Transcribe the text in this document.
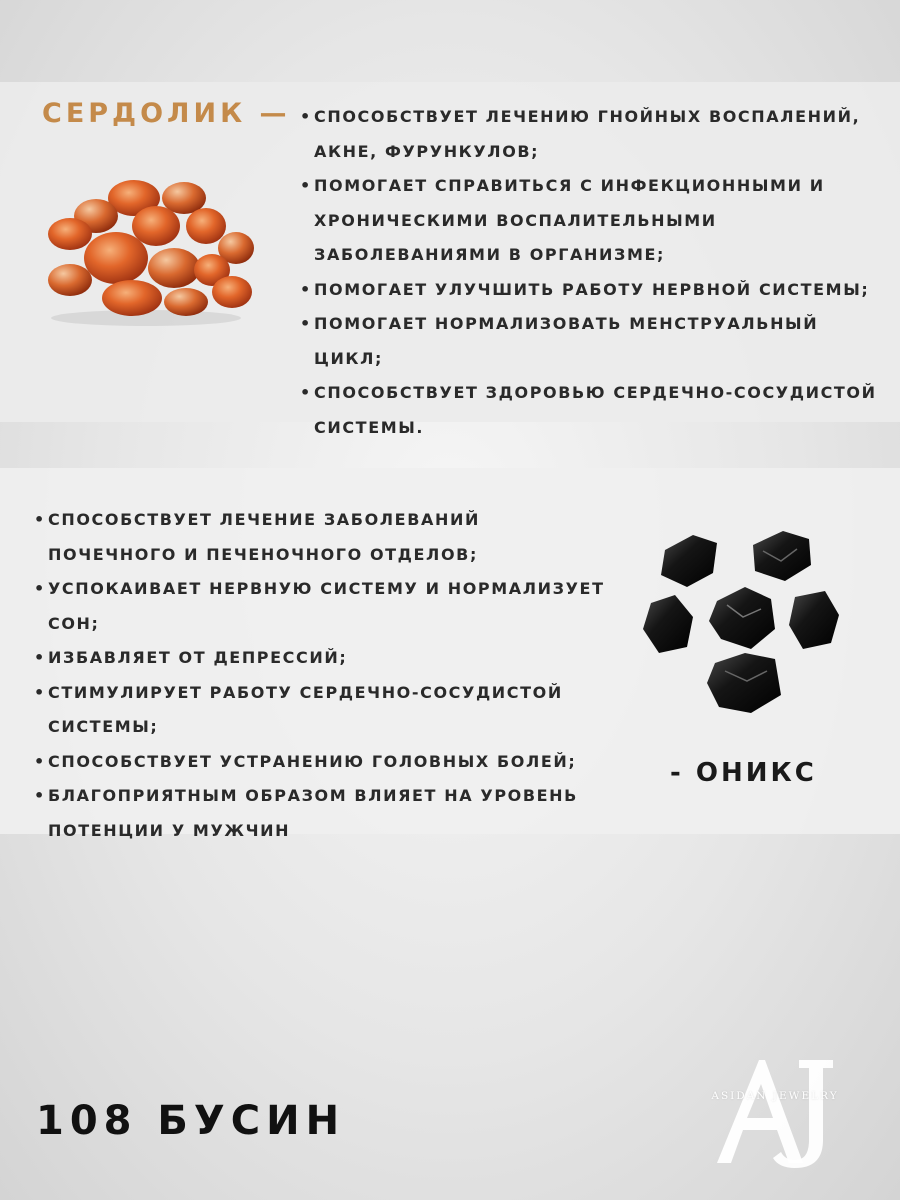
СЕРДОЛИК — • СПОСОБСТВУЕТ ЛЕЧЕНИЮ ГНОЙНЫХ ВОСПАЛЕНИЙ, АКНЕ, ФУРУНКУЛОВ;
• ПОМОГАЕТ СПРАВИТЬСЯ С ИНФЕКЦИОННЫМИ И ХРОНИЧЕСКИМИ ВОСПАЛИТЕЛЬНЫМИ ЗАБОЛЕВАНИЯМИ В ОРГАНИЗМЕ;
• ПОМОГАЕТ УЛУЧШИТЬ РАБОТУ НЕРВНОЙ СИСТЕМЫ;
• ПОМОГАЕТ НОРМАЛИЗОВАТЬ МЕНСТРУАЛЬНЫЙ ЦИКЛ;
• СПОСОБСТВУЕТ ЗДОРОВЬЮ СЕРДЕЧНО-СОСУДИСТОЙ СИСТЕМЫ.
• СПОСОБСТВУЕТ ЛЕЧЕНИЕ ЗАБОЛЕВАНИЙ ПОЧЕЧНОГО И ПЕЧЕНОЧНОГО ОТДЕЛОВ;
• УСПОКАИВАЕТ НЕРВНУЮ СИСТЕМУ И НОРМАЛИЗУЕТ СОН;
• ИЗБАВЛЯЕТ ОТ ДЕПРЕССИЙ;
• СТИМУЛИРУЕТ РАБОТУ СЕРДЕЧНО-СОСУДИСТОЙ СИСТЕМЫ;
• СПОСОБСТВУЕТ УСТРАНЕНИЮ ГОЛОВНЫХ БОЛЕЙ;
• БЛАГОПРИЯТНЫМ ОБРАЗОМ ВЛИЯЕТ НА УРОВЕНЬ ПОТЕНЦИИ У МУЖЧИН
- ОНИКС
108 БУСИН
ASIDAN JEWELRY
